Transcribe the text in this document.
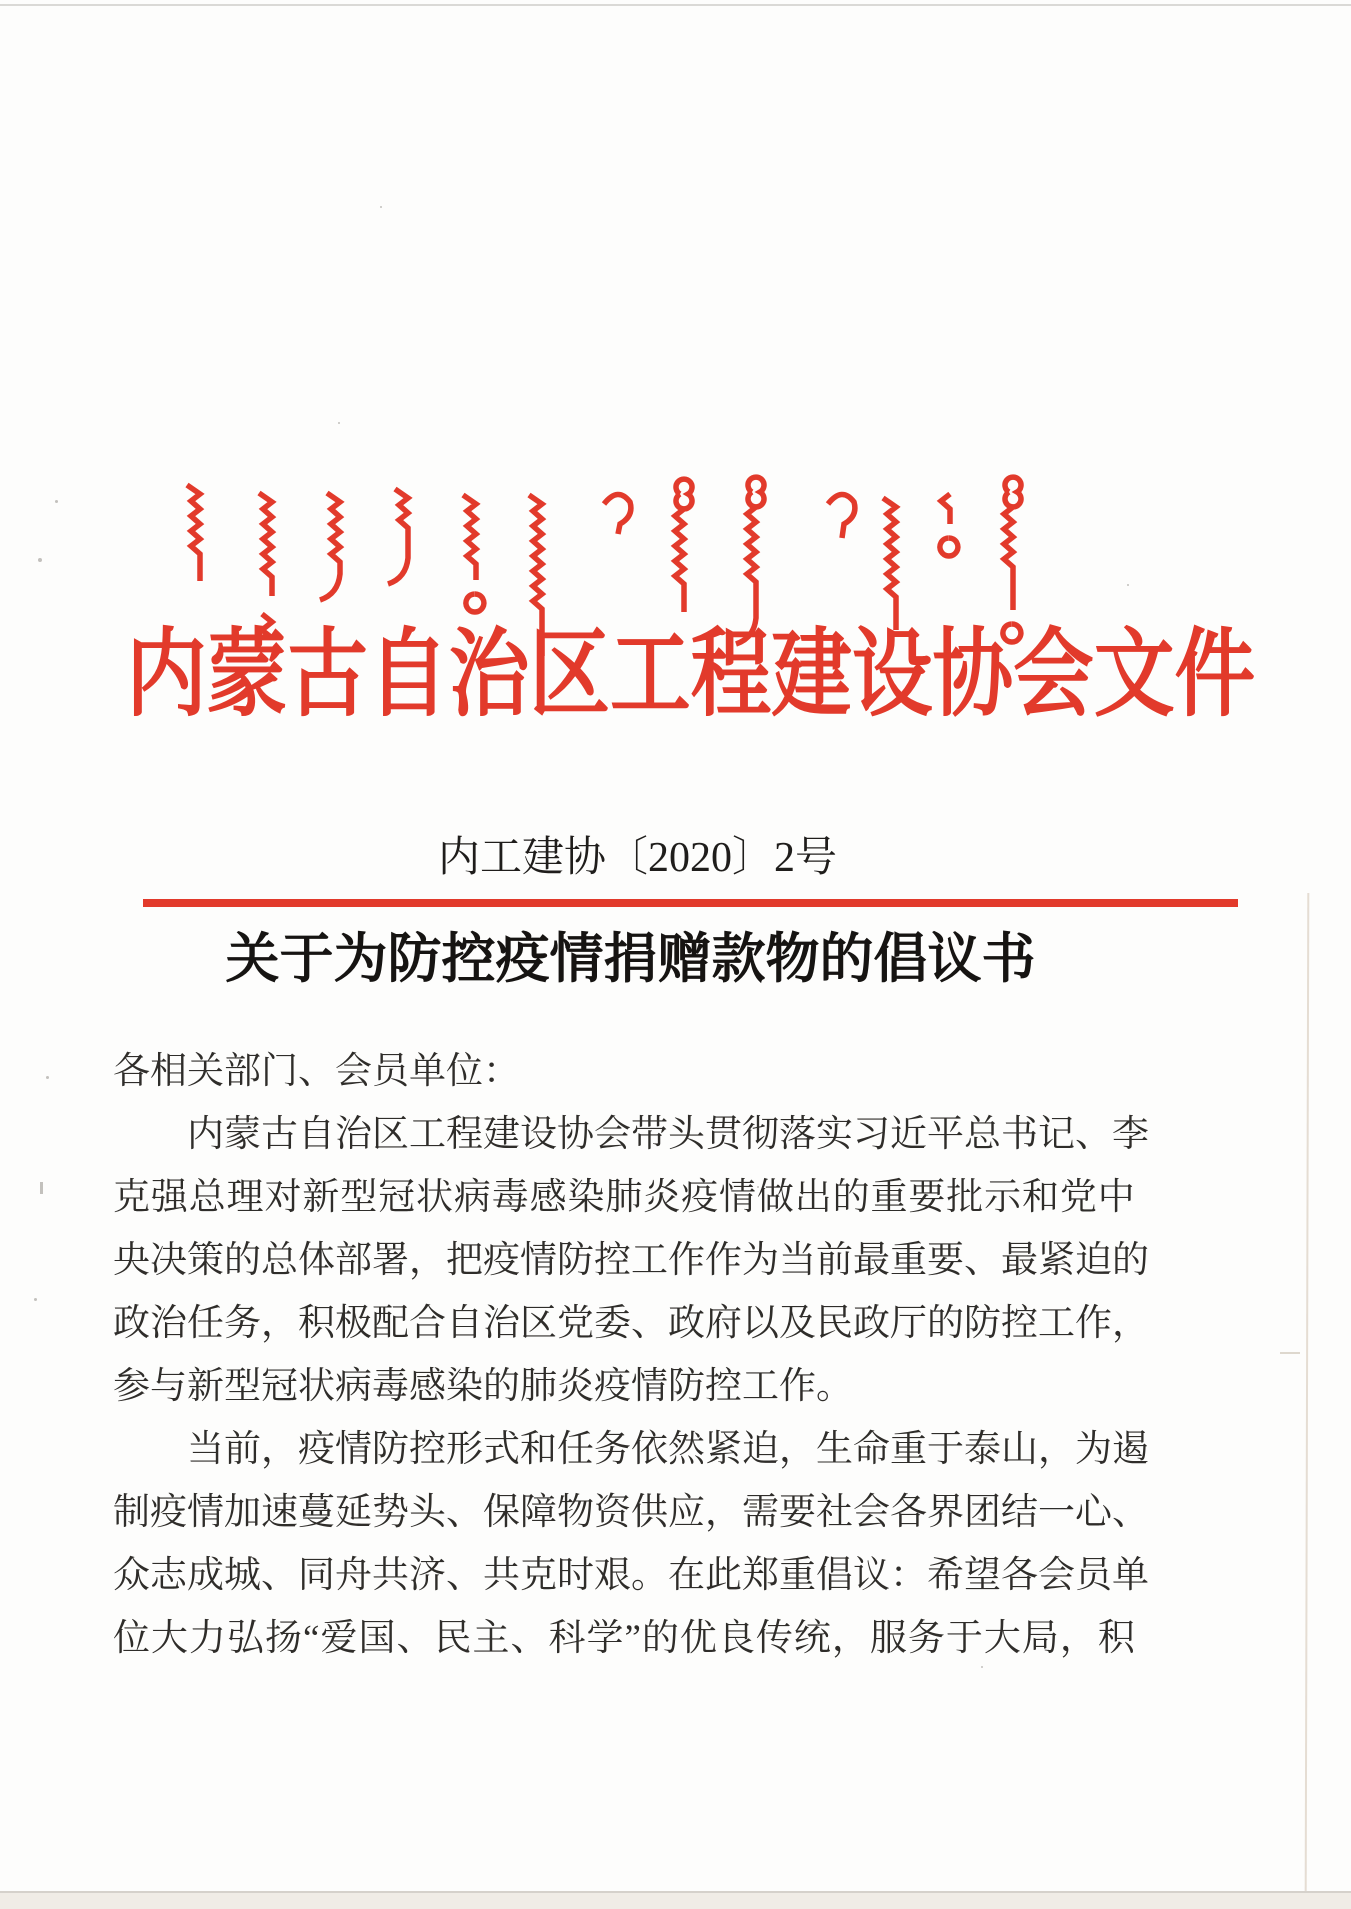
内蒙古自治区工程建设协会文件
内工建协〔2020〕2号
关于为防控疫情捐赠款物的倡议书
各相关部门、会员单位：
内 蒙 古 自 治 区 工 程 建 设 协 会 带 头 贯 彻 落 实 习 近 平 总 书 记 、 李
克 强 总 理 对 新 型 冠 状 病 毒 感 染 肺 炎 疫 情 做 出 的 重 要 批 示 和 党 中
央 决 策 的 总 体 部 署 ， 把 疫 情 防 控 工 作 作 为 当 前 最 重 要 、 最 紧 迫 的
政 治 任 务 ， 积 极 配 合 自 治 区 党 委 、 政 府 以 及 民 政 厅 的 防 控 工 作 ，
参与新型冠状病毒感染的肺炎疫情防控工作。
当 前 ， 疫 情 防 控 形 式 和 任 务 依 然 紧 迫 ， 生 命 重 于 泰 山 ， 为 遏
制 疫 情 加 速 蔓 延 势 头 、 保 障 物 资 供 应 ， 需 要 社 会 各 界 团 结 一 心 、
众 志 成 城 、 同 舟 共 济 、 共 克 时 艰 。 在 此 郑 重 倡 议 ： 希 望 各 会 员 单
位 大 力 弘 扬 “ 爱 国 、 民 主 、 科 学 ” 的 优 良 传 统 ， 服 务 于 大 局 ， 积
